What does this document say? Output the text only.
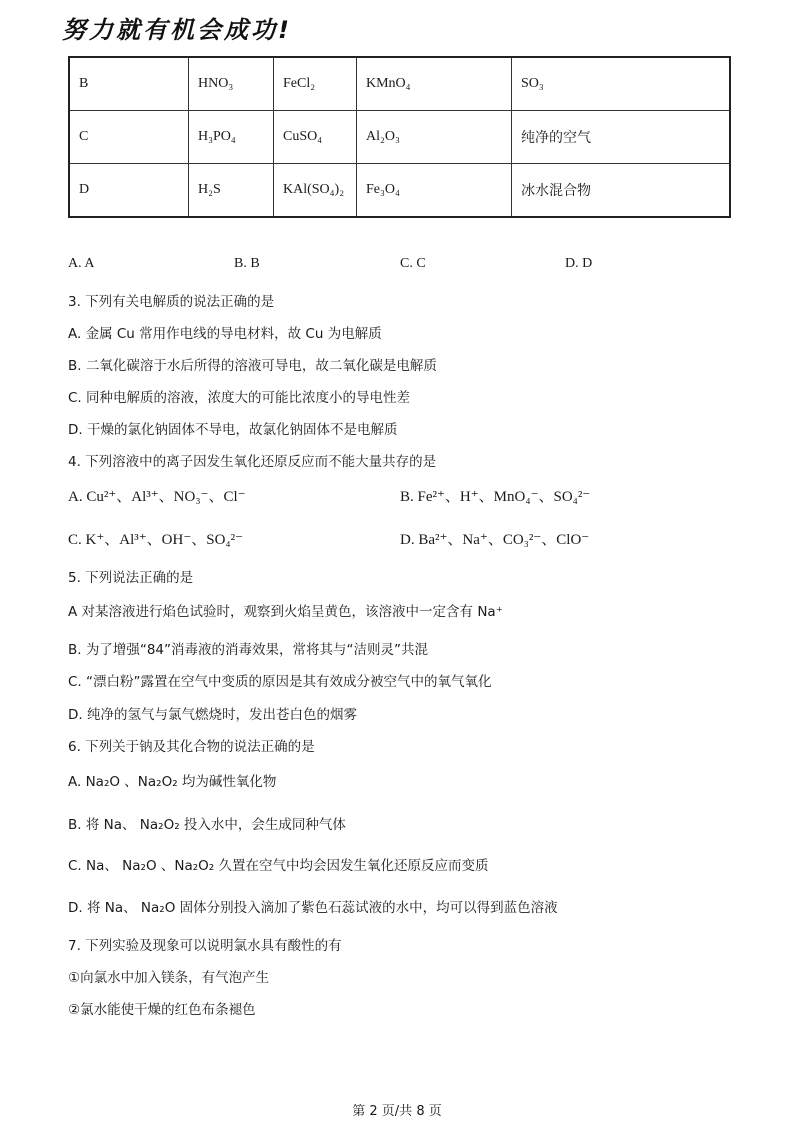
努力就有机会成功!
B	HNO₃	FeCl₂	KMnO₄	SO₃
C	H₃PO₄	CuSO₄	Al₂O₃	纯净的空气
D	H₂S	KAl(SO₄)₂	Fe₃O₄	冰水混合物
A. A	B. B	C. C	D. D
3. 下列有关电解质的说法正确的是
A. 金属 Cu 常用作电线的导电材料，故 Cu 为电解质
B. 二氧化碳溶于水后所得的溶液可导电，故二氧化碳是电解质
C. 同种电解质的溶液，浓度大的可能比浓度小的导电性差
D. 干燥的氯化钠固体不导电，故氯化钠固体不是电解质
4. 下列溶液中的离子因发生氧化还原反应而不能大量共存的是
A. Cu²⁺、Al³⁺、NO₃⁻、Cl⁻	B. Fe²⁺、H⁺、MnO₄⁻、SO₄²⁻
C. K⁺、Al³⁺、OH⁻、SO₄²⁻	D. Ba²⁺、Na⁺、CO₃²⁻、ClO⁻
5. 下列说法正确的是
A 对某溶液进行焰色试验时，观察到火焰呈黄色，该溶液中一定含有 Na⁺
B. 为了增强“84”消毒液的消毒效果，常将其与“洁则灵”共混
C. “漂白粉”露置在空气中变质的原因是其有效成分被空气中的氧气氧化
D. 纯净的氢气与氯气燃烧时，发出苍白色的烟雾
6. 下列关于钠及其化合物的说法正确的是
A. Na₂O 、Na₂O₂ 均为碱性氧化物
B. 将 Na、 Na₂O₂ 投入水中，会生成同种气体
C. Na、 Na₂O 、Na₂O₂ 久置在空气中均会因发生氧化还原反应而变质
D. 将 Na、 Na₂O 固体分别投入滴加了紫色石蕊试液的水中，均可以得到蓝色溶液
7. 下列实验及现象可以说明氯水具有酸性的有
①向氯水中加入镁条，有气泡产生
②氯水能使干燥的红色布条褪色
第 2 页/共 8 页
